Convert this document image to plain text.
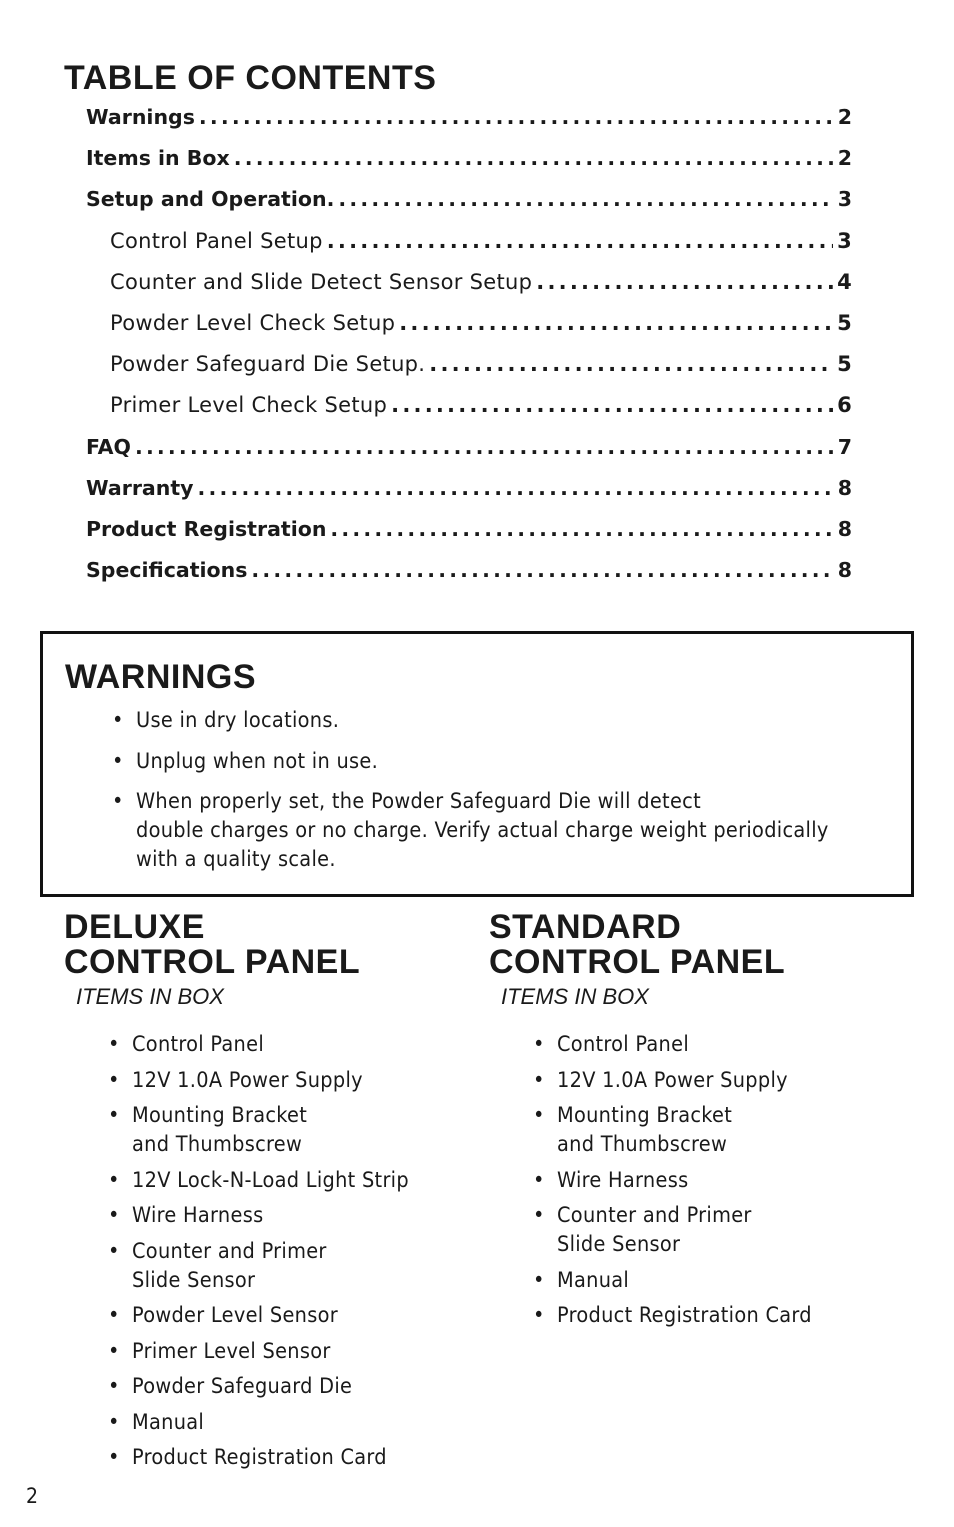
TABLE OF CONTENTS
Warnings .....	2
Items in Box .....	2
Setup and Operation. .....	3
Control Panel Setup .....	3
Counter and Slide Detect Sensor Setup .....	4
Powder Level Check Setup .....	5
Powder Safeguard Die Setup. .....	5
Primer Level Check Setup .....	6
FAQ .....	7
Warranty .....	8
Product Registration .....	8
Specifications .....	8
WARNINGS
• Use in dry locations.
• Unplug when not in use.
• When properly set, the Powder Safeguard Die will detect
double charges or no charge. Verify actual charge weight periodically
with a quality scale.
DELUXE
CONTROL PANEL
ITEMS IN BOX
• Control Panel
• 12V 1.0A Power Supply
• Mounting Bracket
and Thumbscrew
• 12V Lock-N-Load Light Strip
• Wire Harness
• Counter and Primer
Slide Sensor
• Powder Level Sensor
• Primer Level Sensor
• Powder Safeguard Die
• Manual
• Product Registration Card
STANDARD
CONTROL PANEL
ITEMS IN BOX
• Control Panel
• 12V 1.0A Power Supply
• Mounting Bracket
and Thumbscrew
• Wire Harness
• Counter and Primer
Slide Sensor
• Manual
• Product Registration Card
2
